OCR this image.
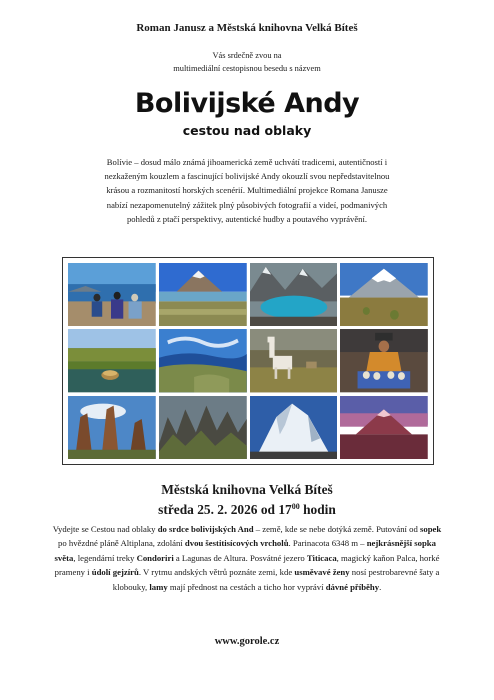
Roman Janusz a Městská knihovna Velká Bíteš
Vás srdečně zvou na
multimediální cestopisnou besedu s názvem
Bolivijské Andy
cestou nad oblaky
Bolívie – dosud málo známá jihoamerická země uchvátí tradicemi, autentičností i
nezkaženým kouzlem a fascinující bolivijské Andy okouzlí svou nepředstavitelnou
krásou a rozmanitostí horských scenérií. Multimediální projekce Romana Janusze
nabízí nezapomenutelný zážitek plný působivých fotografií a videí, podmanivých
pohledů z ptačí perspektivy, autentické hudby a poutavého vyprávění.
Městská knihovna Velká Bíteš
středa 25. 2. 2026 od $17^{00}$ hodin
Vydejte se Cestou nad oblaky do srdce bolivijských And – země, kde se nebe dotýká země. Putování od sopek po hvězdné pláně Altiplana, zdolání dvou šestitisícových vrcholů. Parinacota 6348 m – nejkrásnější sopka světa, legendární treky Condoriri a Lagunas de Altura. Posvátné jezero Titicaca, magický kaňon Palca, horké prameny i údolí gejzírů. V rytmu andských větrů poznáte zemi, kde usměvavé ženy nosí pestrobarevné šaty a klobouky, lamy mají přednost na cestách a ticho hor vypráví dávné příběhy.
www.gorole.cz
